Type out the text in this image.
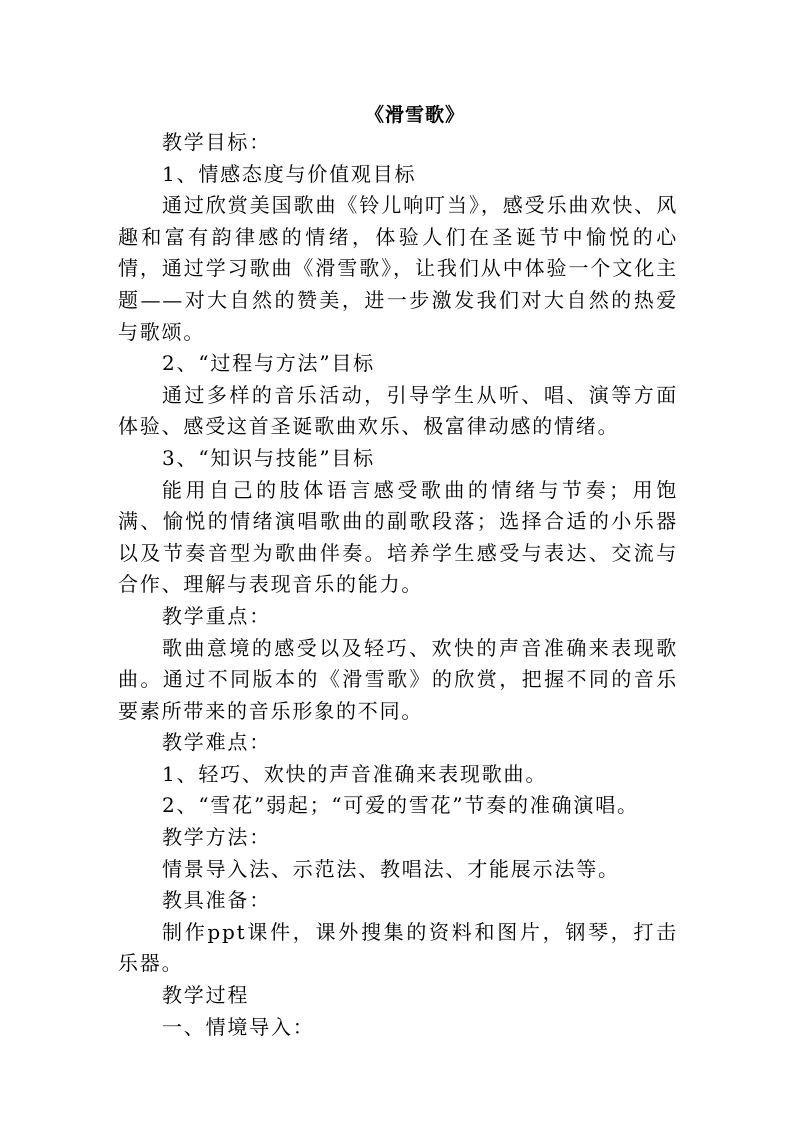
《滑雪歌》

教学目标：

1、情感态度与价值观目标

通过欣赏美国歌曲《铃儿响叮当》，感受乐曲欢快、风趣和富有韵律感的情绪，体验人们在圣诞节中愉悦的心情，通过学习歌曲《滑雪歌》，让我们从中体验一个文化主题——对大自然的赞美，进一步激发我们对大自然的热爱与歌颂。

2、“过程与方法”目标

通过多样的音乐活动，引导学生从听、唱、演等方面体验、感受这首圣诞歌曲欢乐、极富律动感的情绪。

3、“知识与技能”目标

能用自己的肢体语言感受歌曲的情绪与节奏；用饱满、愉悦的情绪演唱歌曲的副歌段落；选择合适的小乐器以及节奏音型为歌曲伴奏。培养学生感受与表达、交流与合作、理解与表现音乐的能力。

教学重点：

歌曲意境的感受以及轻巧、欢快的声音准确来表现歌曲。通过不同版本的《滑雪歌》的欣赏，把握不同的音乐要素所带来的音乐形象的不同。

教学难点：

1、轻巧、欢快的声音准确来表现歌曲。

2、“雪花”弱起；“可爱的雪花”节奏的准确演唱。

教学方法：

情景导入法、示范法、教唱法、才能展示法等。

教具准备：

制作ppt课件，课外搜集的资料和图片，钢琴，打击乐器。

教学过程

一、情境导入：
